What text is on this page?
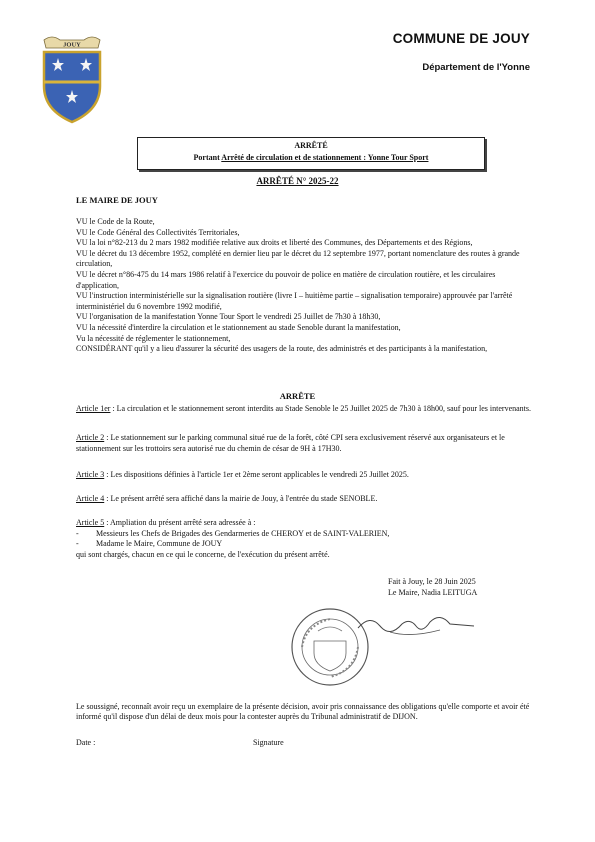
JOUY	COMMUNE DE JOUY
Département de l'Yonne
ARRÊTÉ
Portant Arrêté de circulation et de stationnement : Yonne Tour Sport
ARRÊTÉ N° 2025-22
LE MAIRE DE JOUY
VU le Code de la Route,
VU le Code Général des Collectivités Territoriales,
VU la loi n°82-213 du 2 mars 1982 modifiée relative aux droits et liberté des Communes, des Départements et des Régions,
VU le décret du 13 décembre 1952, complété en dernier lieu par le décret du 12 septembre 1977, portant nomenclature des routes à grande circulation,
VU le décret n°86-475 du 14 mars 1986 relatif à l'exercice du pouvoir de police en matière de circulation routière, et les circulaires d'application,
VU l'instruction interministérielle sur la signalisation routière (livre I – huitième partie – signalisation temporaire) approuvée par l'arrêté interministériel du 6 novembre 1992 modifié,
VU l'organisation de la manifestation Yonne Tour Sport le vendredi 25 Juillet de 7h30 à 18h30,
VU la nécessité d'interdire la circulation et le stationnement au stade Senoble durant la manifestation,
Vu la nécessité de réglementer le stationnement,
CONSIDÉRANT qu'il y a lieu d'assurer la sécurité des usagers de la route, des administrés et des participants à la manifestation,
ARRÊTE
Article 1er : La circulation et le stationnement seront interdits au Stade Senoble le 25 Juillet 2025 de 7h30 à 18h00, sauf pour les intervenants.
Article 2 : Le stationnement sur le parking communal situé rue de la forêt, côté CPI sera exclusivement réservé aux organisateurs et le stationnement sur les trottoirs sera autorisé rue du chemin de césar de 9H à 17H30.
Article 3 : Les dispositions définies à l'article 1er et 2ème seront applicables le vendredi 25 Juillet 2025.
Article 4 : Le présent arrêté sera affiché dans la mairie de Jouy, à l'entrée du stade SENOBLE.
Article 5 : Ampliation du présent arrêté sera adressée à :
- Messieurs les Chefs de Brigades des Gendarmeries de CHEROY et de SAINT-VALERIEN,
- Madame le Maire, Commune de JOUY
qui sont chargés, chacun en ce qui le concerne, de l'exécution du présent arrêté.
Fait à Jouy, le 28 Juin 2025
Le Maire, Nadia LEITUGA
Le soussigné, reconnaît avoir reçu un exemplaire de la présente décision, avoir pris connaissance des obligations qu'elle comporte et avoir été informé qu'il dispose d'un délai de deux mois pour la contester auprès du Tribunal administratif de DIJON.
Date :	Signature
